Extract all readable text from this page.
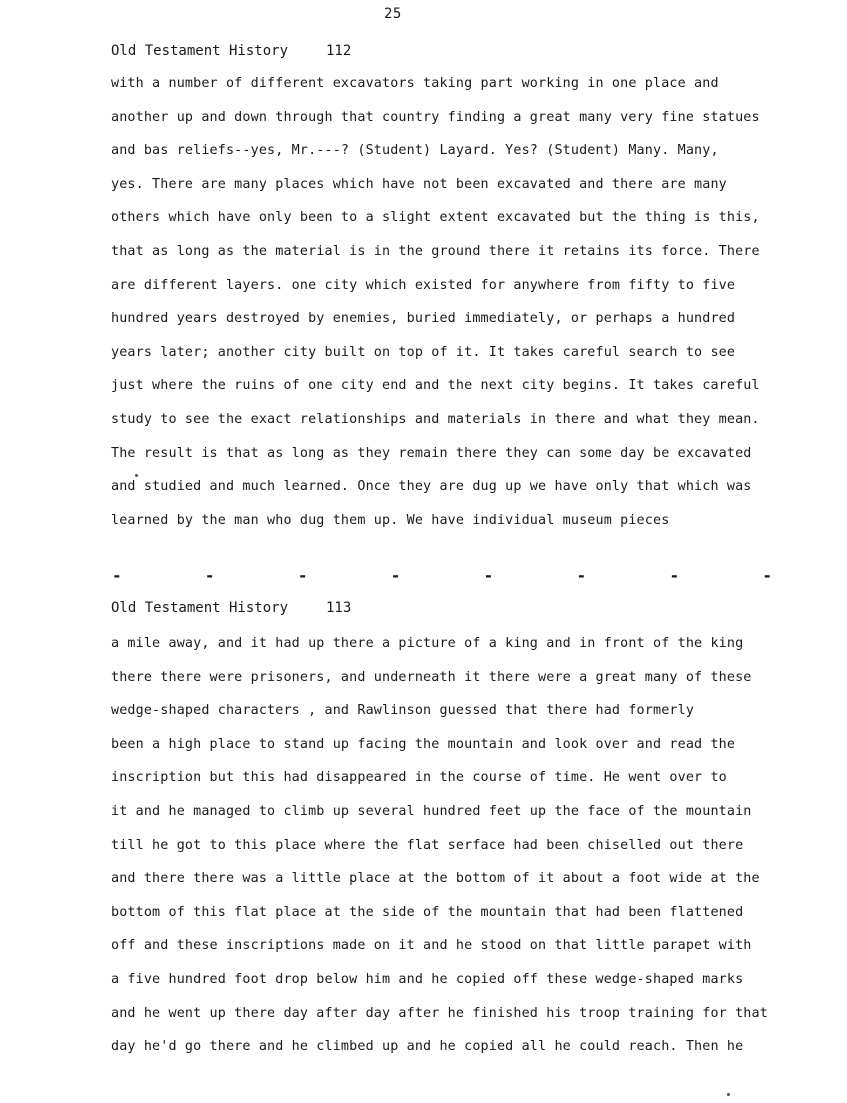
25
Old Testament History	112
with a number of different excavators taking part working in one place and
another up and down through that country finding a great many very fine statues
and bas reliefs--yes, Mr.---? (Student) Layard. Yes? (Student) Many. Many,
yes. There are many places which have not been excavated and there are many
others which have only been to a slight extent excavated but the thing is this,
that as long as the material is in the ground there it retains its force. There
are different layers. one city which existed for anywhere from fifty to five
hundred years destroyed by enemies, buried immediately, or perhaps a hundred
years later; another city built on top of it. It takes careful search to see
just where the ruins of one city end and the next city begins. It takes careful
study to see the exact relationships and materials in there and what they mean.
The result is that as long as they remain there they can some day be excavated
and studied and much learned. Once they are dug up we have only that which was
learned by the man who dug them up. We have individual museum pieces
-	-	-	-	-	-	-	-
Old Testament History	113
a mile away, and it had up there a picture of a king and in front of the king
there there were prisoners, and underneath it there were a great many of these
wedge-shaped characters , and Rawlinson guessed that there had formerly
been a high place to stand up facing the mountain and look over and read the
inscription but this had disappeared in the course of time. He went over to
it and he managed to climb up several hundred feet up the face of the mountain
till he got to this place where the flat serface had been chiselled out there
and there there was a little place at the bottom of it about a foot wide at the
bottom of this flat place at the side of the mountain that had been flattened
off and these inscriptions made on it and he stood on that little parapet with
a five hundred foot drop below him and he copied off these wedge-shaped marks
and he went up there day after day after he finished his troop training for that
day he'd go there and he climbed up and he copied all he could reach. Then he
